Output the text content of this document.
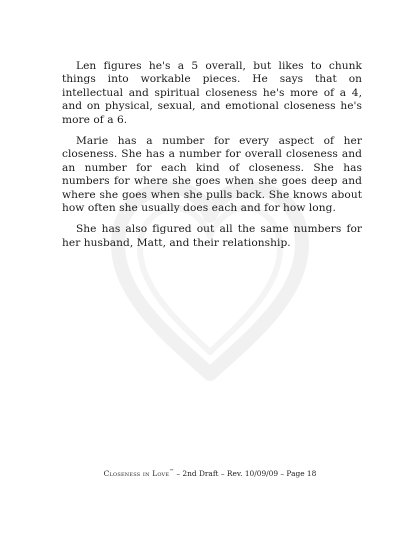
Len figures he's a 5 overall, but likes to chunk things into workable pieces. He says that on intellectual and spiritual closeness he's more of a 4, and on physical, sexual, and emotional closeness he's more of a 6.

Marie has a number for every aspect of her closeness. She has a number for overall closeness and an number for each kind of closeness. She has numbers for where she goes when she goes deep and where she goes when she pulls back. She knows about how often she usually does each and for how long.

She has also figured out all the same numbers for her husband, Matt, and their relationship.

Closeness in Love™ – 2nd Draft – Rev. 10/09/09 – Page 18
